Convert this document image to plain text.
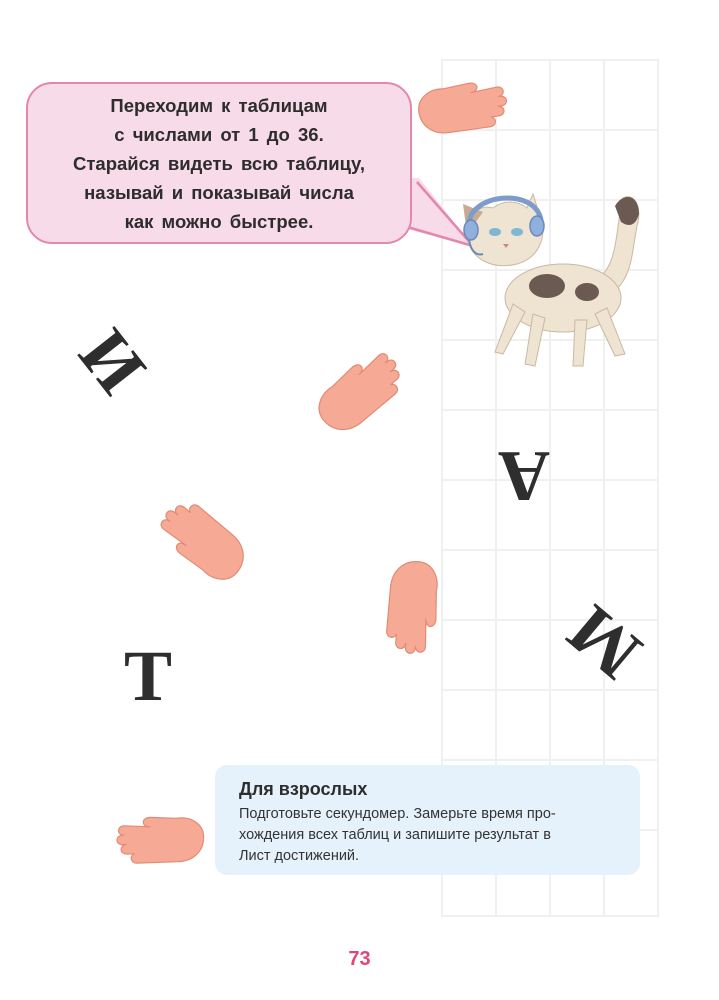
Переходим к таблицам
с числами от 1 до 36.
Старайся видеть всю таблицу,
называй и показывай числа
как можно быстрее.

И
А
М
Т

Для взрослых

Подготовьте секундомер. Замерьте время про-
хождения всех таблиц и запишите результат в
Лист достижений.

73
